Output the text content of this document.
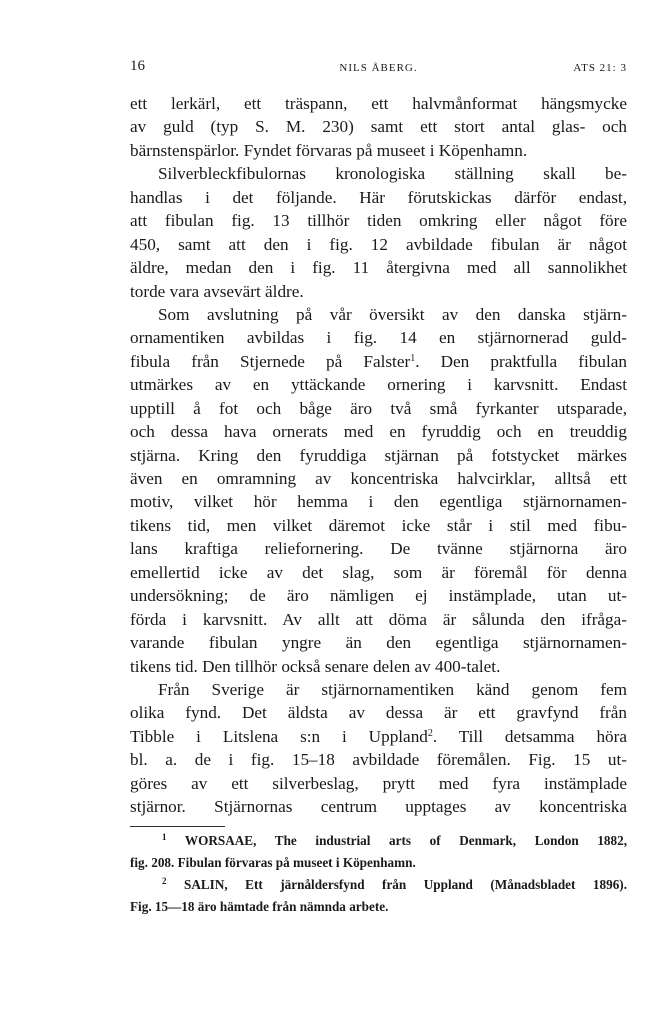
16	NILS ÅBERG.	ATS 21: 3
ett lerkärl, ett träspann, ett halvmånformat hängsmycke
av guld (typ S. M. 230) samt ett stort antal glas- och
bärnstenspärlor. Fyndet förvaras på museet i Köpenhamn.
Silverbleckfibulornas kronologiska ställning skall be-
handlas i det följande. Här förutskickas därför endast,
att fibulan fig. 13 tillhör tiden omkring eller något före
450, samt att den i fig. 12 avbildade fibulan är något
äldre, medan den i fig. 11 återgivna med all sannolikhet
torde vara avsevärt äldre.
Som avslutning på vår översikt av den danska stjärn-
ornamentiken avbildas i fig. 14 en stjärnornerad guld-
fibula från Stjernede på Falster$^1$. Den praktfulla fibulan
utmärkes av en yttäckande ornering i karvsnitt. Endast
upptill å fot och båge äro två små fyrkanter utsparade,
och dessa hava ornerats med en fyruddig och en treuddig
stjärna. Kring den fyruddiga stjärnan på fotstycket märkes
även en omramning av koncentriska halvcirklar, alltså ett
motiv, vilket hör hemma i den egentliga stjärnornamen-
tikens tid, men vilket däremot icke står i stil med fibu-
lans kraftiga reliefornering. De tvänne stjärnorna äro
emellertid icke av det slag, som är föremål för denna
undersökning; de äro nämligen ej instämplade, utan ut-
förda i karvsnitt. Av allt att döma är sålunda den ifråga-
varande fibulan yngre än den egentliga stjärnornamen-
tikens tid. Den tillhör också senare delen av 400-talet.
Från Sverige är stjärnornamentiken känd genom fem
olika fynd. Det äldsta av dessa är ett gravfynd från
Tibble i Litslena s:n i Uppland$^2$. Till detsamma höra
bl. a. de i fig. 15–18 avbildade föremålen. Fig. 15 ut-
göres av ett silverbeslag, prytt med fyra instämplade
stjärnor. Stjärnornas centrum upptages av koncentriska
$^1$ WORSAAE, The industrial arts of Denmark, London 1882,
fig. 208. Fibulan förvaras på museet i Köpenhamn.
$^2$ SALIN, Ett järnåldersfynd från Uppland (Månadsbladet 1896).
Fig. 15—18 äro hämtade från nämnda arbete.
